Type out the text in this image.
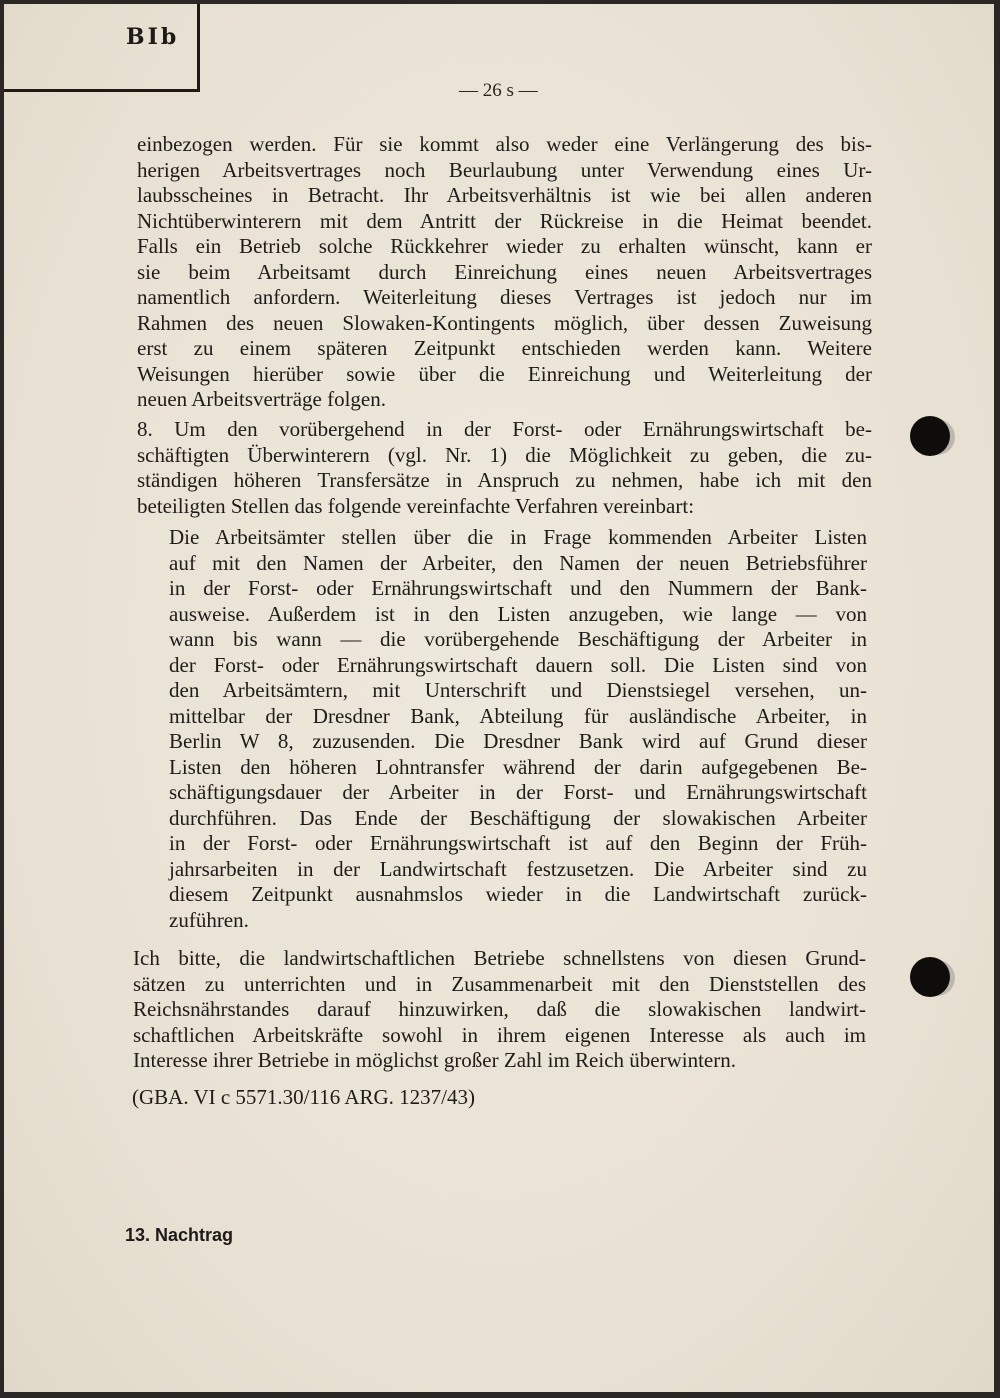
BIb
— 26 s —
einbezogen werden. Für sie kommt also weder eine Verlängerung des bis-
herigen Arbeitsvertrages noch Beurlaubung unter Verwendung eines Ur-
laubsscheines in Betracht. Ihr Arbeitsverhältnis ist wie bei allen anderen
Nichtüberwinterern mit dem Antritt der Rückreise in die Heimat beendet.
Falls ein Betrieb solche Rückkehrer wieder zu erhalten wünscht, kann er
sie beim Arbeitsamt durch Einreichung eines neuen Arbeitsvertrages
namentlich anfordern. Weiterleitung dieses Vertrages ist jedoch nur im
Rahmen des neuen Slowaken-Kontingents möglich, über dessen Zuweisung
erst zu einem späteren Zeitpunkt entschieden werden kann. Weitere
Weisungen hierüber sowie über die Einreichung und Weiterleitung der
neuen Arbeitsverträge folgen.
8. Um den vorübergehend in der Forst- oder Ernährungswirtschaft be-
schäftigten Überwinterern (vgl. Nr. 1) die Möglichkeit zu geben, die zu-
ständigen höheren Transfersätze in Anspruch zu nehmen, habe ich mit den
beteiligten Stellen das folgende vereinfachte Verfahren vereinbart:
Die Arbeitsämter stellen über die in Frage kommenden Arbeiter Listen
auf mit den Namen der Arbeiter, den Namen der neuen Betriebsführer
in der Forst- oder Ernährungswirtschaft und den Nummern der Bank-
ausweise. Außerdem ist in den Listen anzugeben, wie lange — von
wann bis wann — die vorübergehende Beschäftigung der Arbeiter in
der Forst- oder Ernährungswirtschaft dauern soll. Die Listen sind von
den Arbeitsämtern, mit Unterschrift und Dienstsiegel versehen, un-
mittelbar der Dresdner Bank, Abteilung für ausländische Arbeiter, in
Berlin W 8, zuzusenden. Die Dresdner Bank wird auf Grund dieser
Listen den höheren Lohntransfer während der darin aufgegebenen Be-
schäftigungsdauer der Arbeiter in der Forst- und Ernährungswirtschaft
durchführen. Das Ende der Beschäftigung der slowakischen Arbeiter
in der Forst- oder Ernährungswirtschaft ist auf den Beginn der Früh-
jahrsarbeiten in der Landwirtschaft festzusetzen. Die Arbeiter sind zu
diesem Zeitpunkt ausnahmslos wieder in die Landwirtschaft zurück-
zuführen.
Ich bitte, die landwirtschaftlichen Betriebe schnellstens von diesen Grund-
sätzen zu unterrichten und in Zusammenarbeit mit den Dienststellen des
Reichsnährstandes darauf hinzuwirken, daß die slowakischen landwirt-
schaftlichen Arbeitskräfte sowohl in ihrem eigenen Interesse als auch im
Interesse ihrer Betriebe in möglichst großer Zahl im Reich überwintern.
(GBA. VI c 5571.30/116 ARG. 1237/43)
13. Nachtrag
